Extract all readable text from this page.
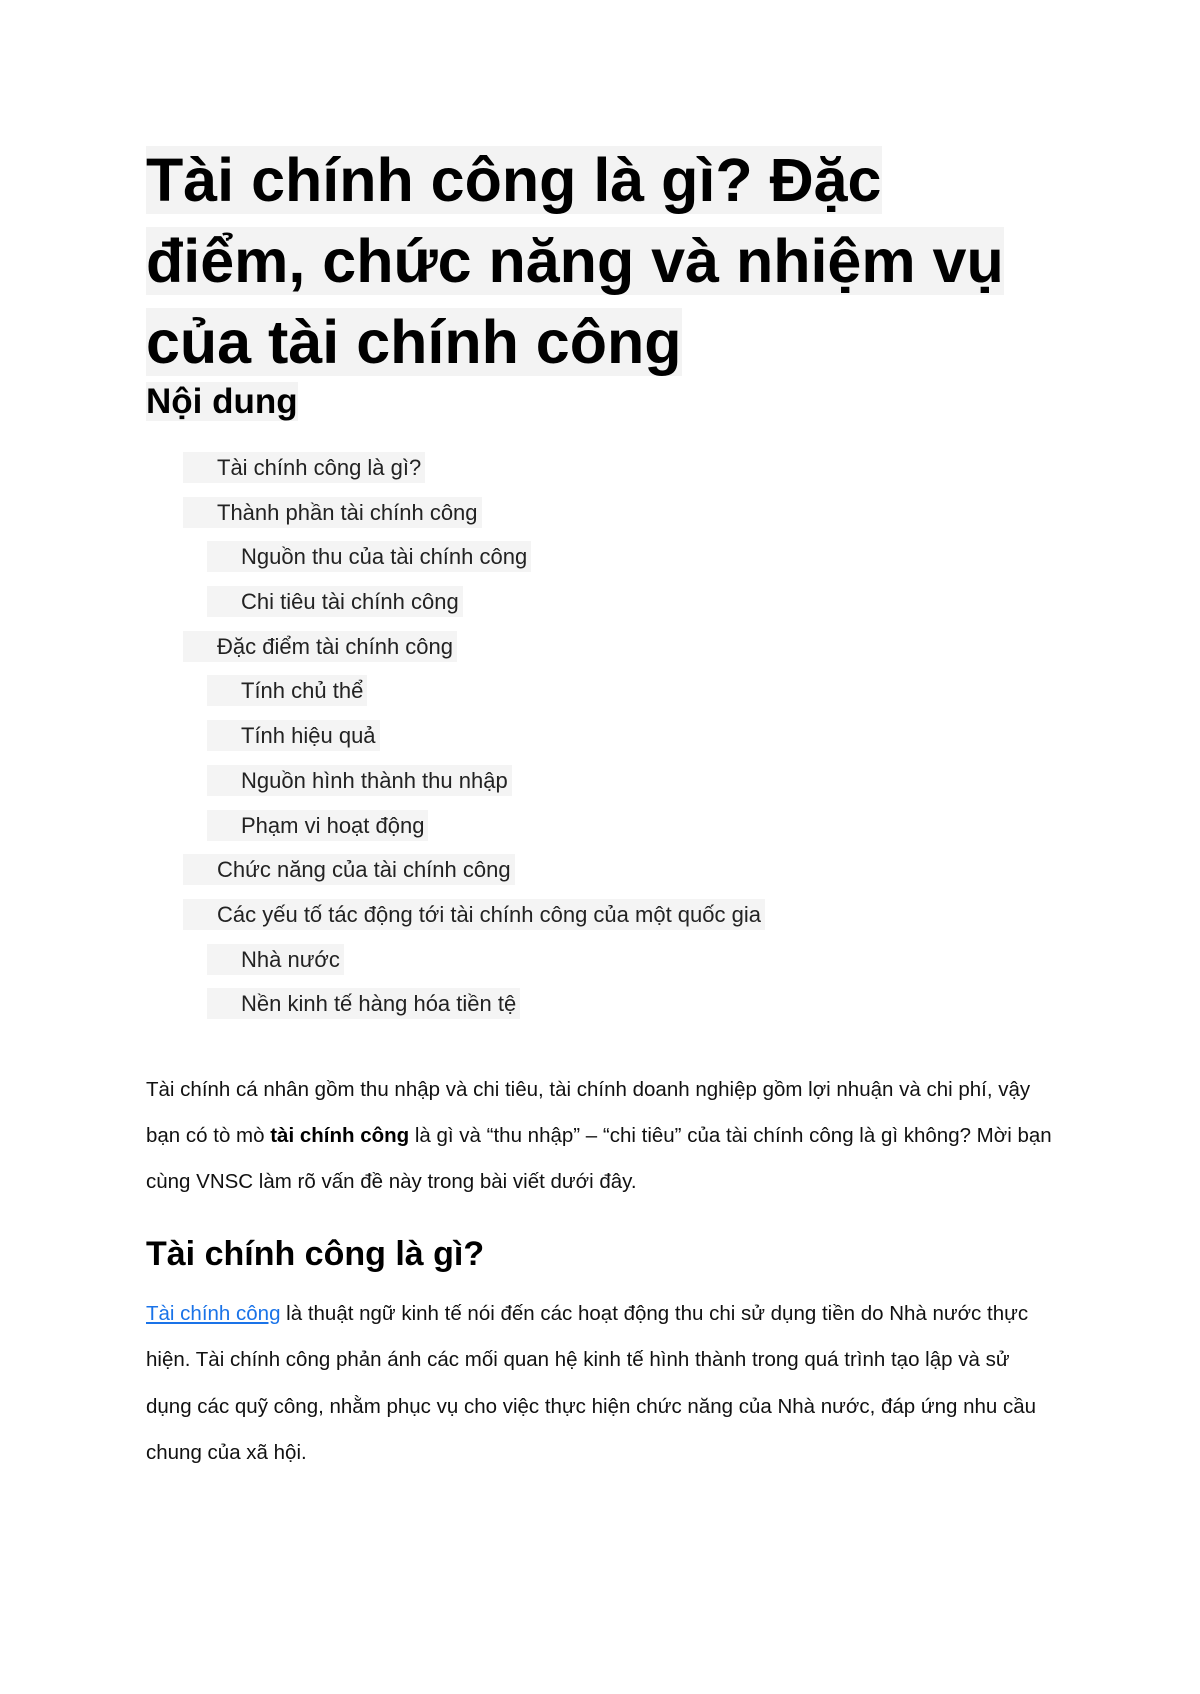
Tài chính công là gì? Đặc điểm, chức năng và nhiệm vụ của tài chính công
Nội dung
Tài chính công là gì?
Thành phần tài chính công
Nguồn thu của tài chính công
Chi tiêu tài chính công
Đặc điểm tài chính công
Tính chủ thể
Tính hiệu quả
Nguồn hình thành thu nhập
Phạm vi hoạt động
Chức năng của tài chính công
Các yếu tố tác động tới tài chính công của một quốc gia
Nhà nước
Nền kinh tế hàng hóa tiền tệ

Tài chính cá nhân gồm thu nhập và chi tiêu, tài chính doanh nghiệp gồm lợi nhuận và chi phí, vậy bạn có tò mò tài chính công là gì và “thu nhập” – “chi tiêu” của tài chính công là gì không? Mời bạn cùng VNSC làm rõ vấn đề này trong bài viết dưới đây.

Tài chính công là gì?

Tài chính công là thuật ngữ kinh tế nói đến các hoạt động thu chi sử dụng tiền do Nhà nước thực hiện. Tài chính công phản ánh các mối quan hệ kinh tế hình thành trong quá trình tạo lập và sử dụng các quỹ công, nhằm phục vụ cho việc thực hiện chức năng của Nhà nước, đáp ứng nhu cầu chung của xã hội.
